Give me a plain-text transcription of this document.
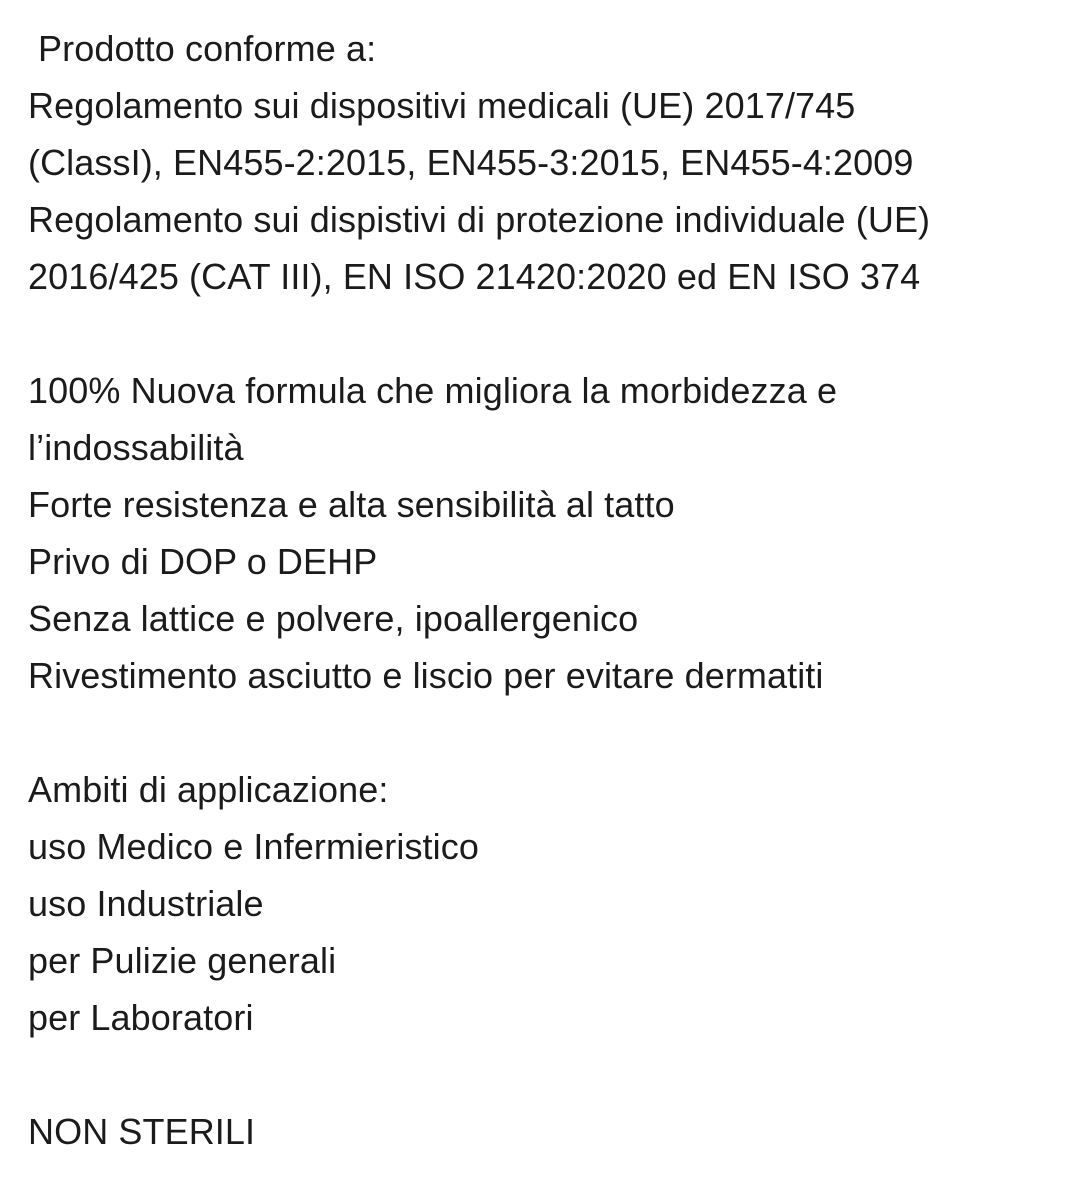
Prodotto conforme a:
Regolamento sui dispositivi medicali (UE) 2017/745
(ClassI), EN455-2:2015, EN455-3:2015, EN455-4:2009
Regolamento sui dispistivi di protezione individuale (UE)
2016/425 (CAT III), EN ISO 21420:2020 ed EN ISO 374
100% Nuova formula che migliora la morbidezza e
l’indossabilità
Forte resistenza e alta sensibilità al tatto
Privo di DOP o DEHP
Senza lattice e polvere, ipoallergenico
Rivestimento asciutto e liscio per evitare dermatiti
Ambiti di applicazione:
uso Medico e Infermieristico
uso Industriale
per Pulizie generali
per Laboratori
NON STERILI
